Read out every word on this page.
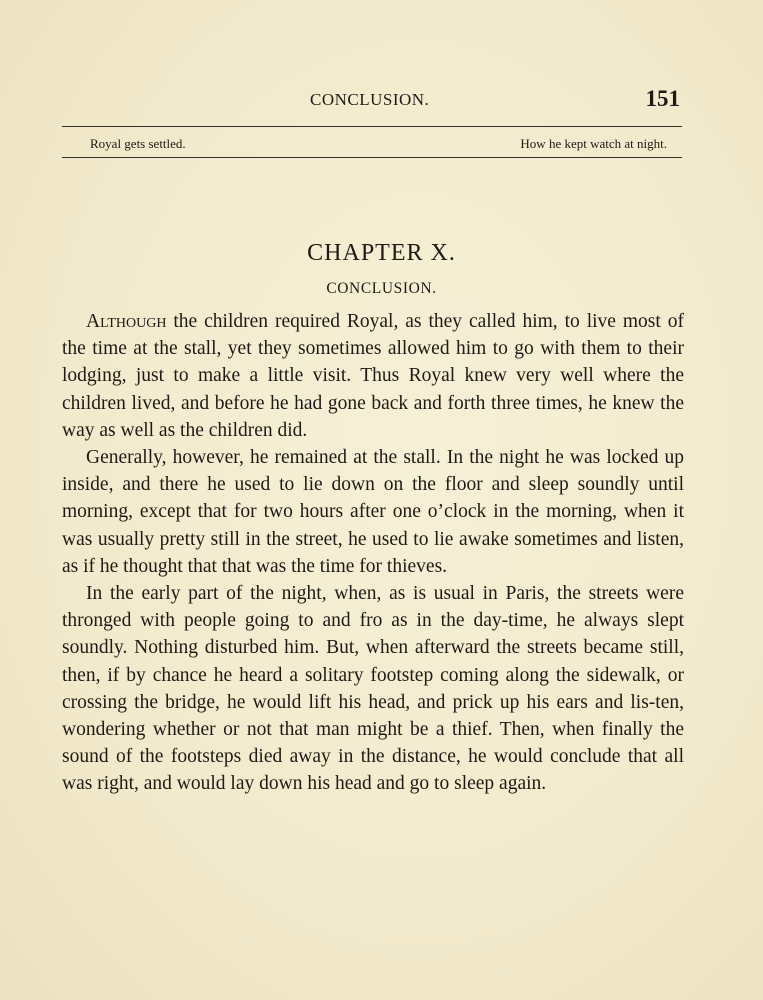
CONCLUSION.	151
Royal gets settled.	How he kept watch at night.
CHAPTER X.
CONCLUSION.

Although the children required Royal, as they called him, to live most of the time at the stall, yet they sometimes allowed him to go with them to their lodging, just to make a little visit. Thus Royal knew very well where the children lived, and before he had gone back and forth three times, he knew the way as well as the children did.

Generally, however, he remained at the stall. In the night he was locked up inside, and there he used to lie down on the floor and sleep soundly until morning, except that for two hours after one o’clock in the morning, when it was usually pretty still in the street, he used to lie awake sometimes and listen, as if he thought that that was the time for thieves.

In the early part of the night, when, as is usual in Paris, the streets were thronged with people going to and fro as in the day-time, he always slept soundly. Nothing disturbed him. But, when afterward the streets became still, then, if by chance he heard a solitary footstep coming along the sidewalk, or crossing the bridge, he would lift his head, and prick up his ears and lis-ten, wondering whether or not that man might be a thief. Then, when finally the sound of the footsteps died away in the distance, he would conclude that all was right, and would lay down his head and go to sleep again.
